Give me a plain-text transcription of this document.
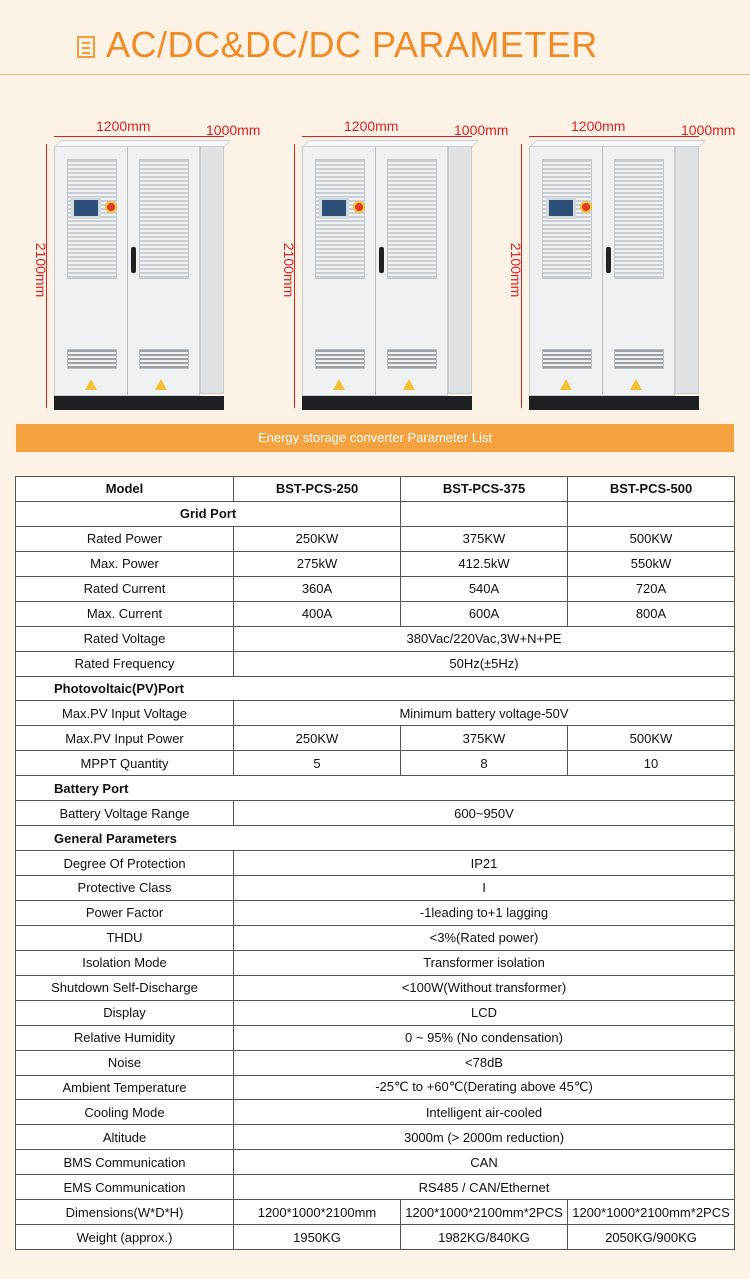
AC/DC&DC/DC PARAMETER
1200mm	1000mm
2100mm
1200mm	1000mm
2100mm
1200mm	1000mm
2100mm
Energy storage converter Parameter List
Model	BST-PCS-250	BST-PCS-375	BST-PCS-500
Grid Port			
Rated Power	250KW	375KW	500KW
Max. Power	275kW	412.5kW	550kW
Rated Current	360A	540A	720A
Max. Current	400A	600A	800A
Rated Voltage	380Vac/220Vac,3W+N+PE		
Rated Frequency	50Hz(±5Hz)		
Photovoltaic(PV)Port			
Max.PV Input Voltage	Minimum battery voltage-50V		
Max.PV Input Power	250KW	375KW	500KW
MPPT Quantity	5	8	10
Battery Port			
Battery Voltage Range	600~950V		
General Parameters			
Degree Of Protection	IP21		
Protective Class	I		
Power Factor	-1leading to+1 lagging		
THDU	<3%(Rated power)		
Isolation Mode	Transformer isolation		
Shutdown Self-Discharge	<100W(Without transformer)		
Display	LCD		
Relative Humidity	0 ~ 95% (No condensation)		
Noise	<78dB		
Ambient Temperature	-25℃ to +60℃(Derating above 45℃)		
Cooling Mode	Intelligent air-cooled		
Altitude	3000m (> 2000m reduction)		
BMS Communication	CAN		
EMS Communication	RS485 / CAN/Ethernet		
Dimensions(W*D*H)	1200*1000*2100mm	1200*1000*2100mm*2PCS	1200*1000*2100mm*2PCS
Weight (approx.)	1950KG	1982KG/840KG	2050KG/900KG
